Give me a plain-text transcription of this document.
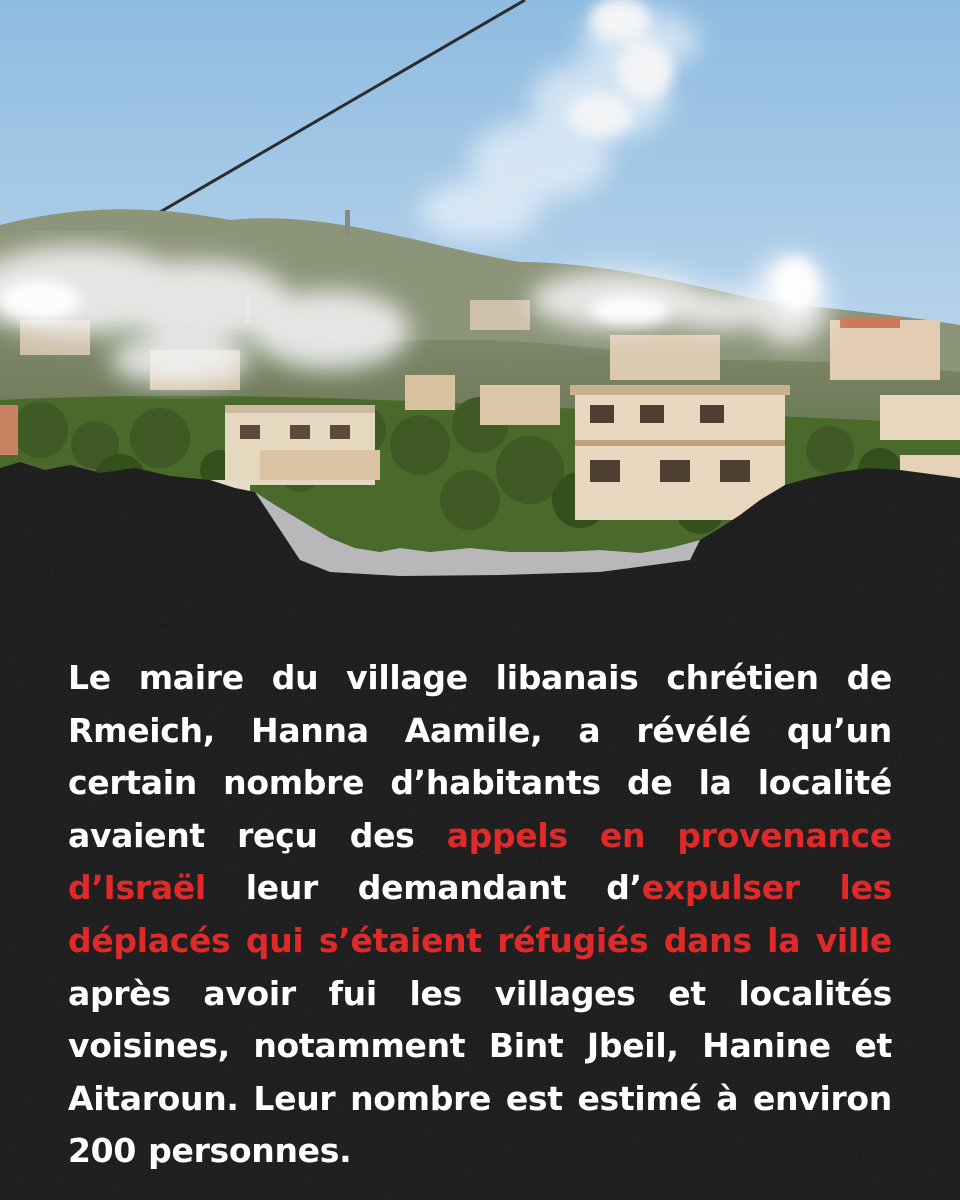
Le maire du village libanais chrétien de Rmeich, Hanna Aamile, a révélé qu’un certain nombre d’habitants de la localité avaient reçu des appels en provenance d’Israël leur demandant d’expulser les déplacés qui s’étaient réfugiés dans la ville après avoir fui les villages et localités voisines, notamment Bint Jbeil, Hanine et Aitaroun. Leur nombre est estimé à environ 200 personnes.
